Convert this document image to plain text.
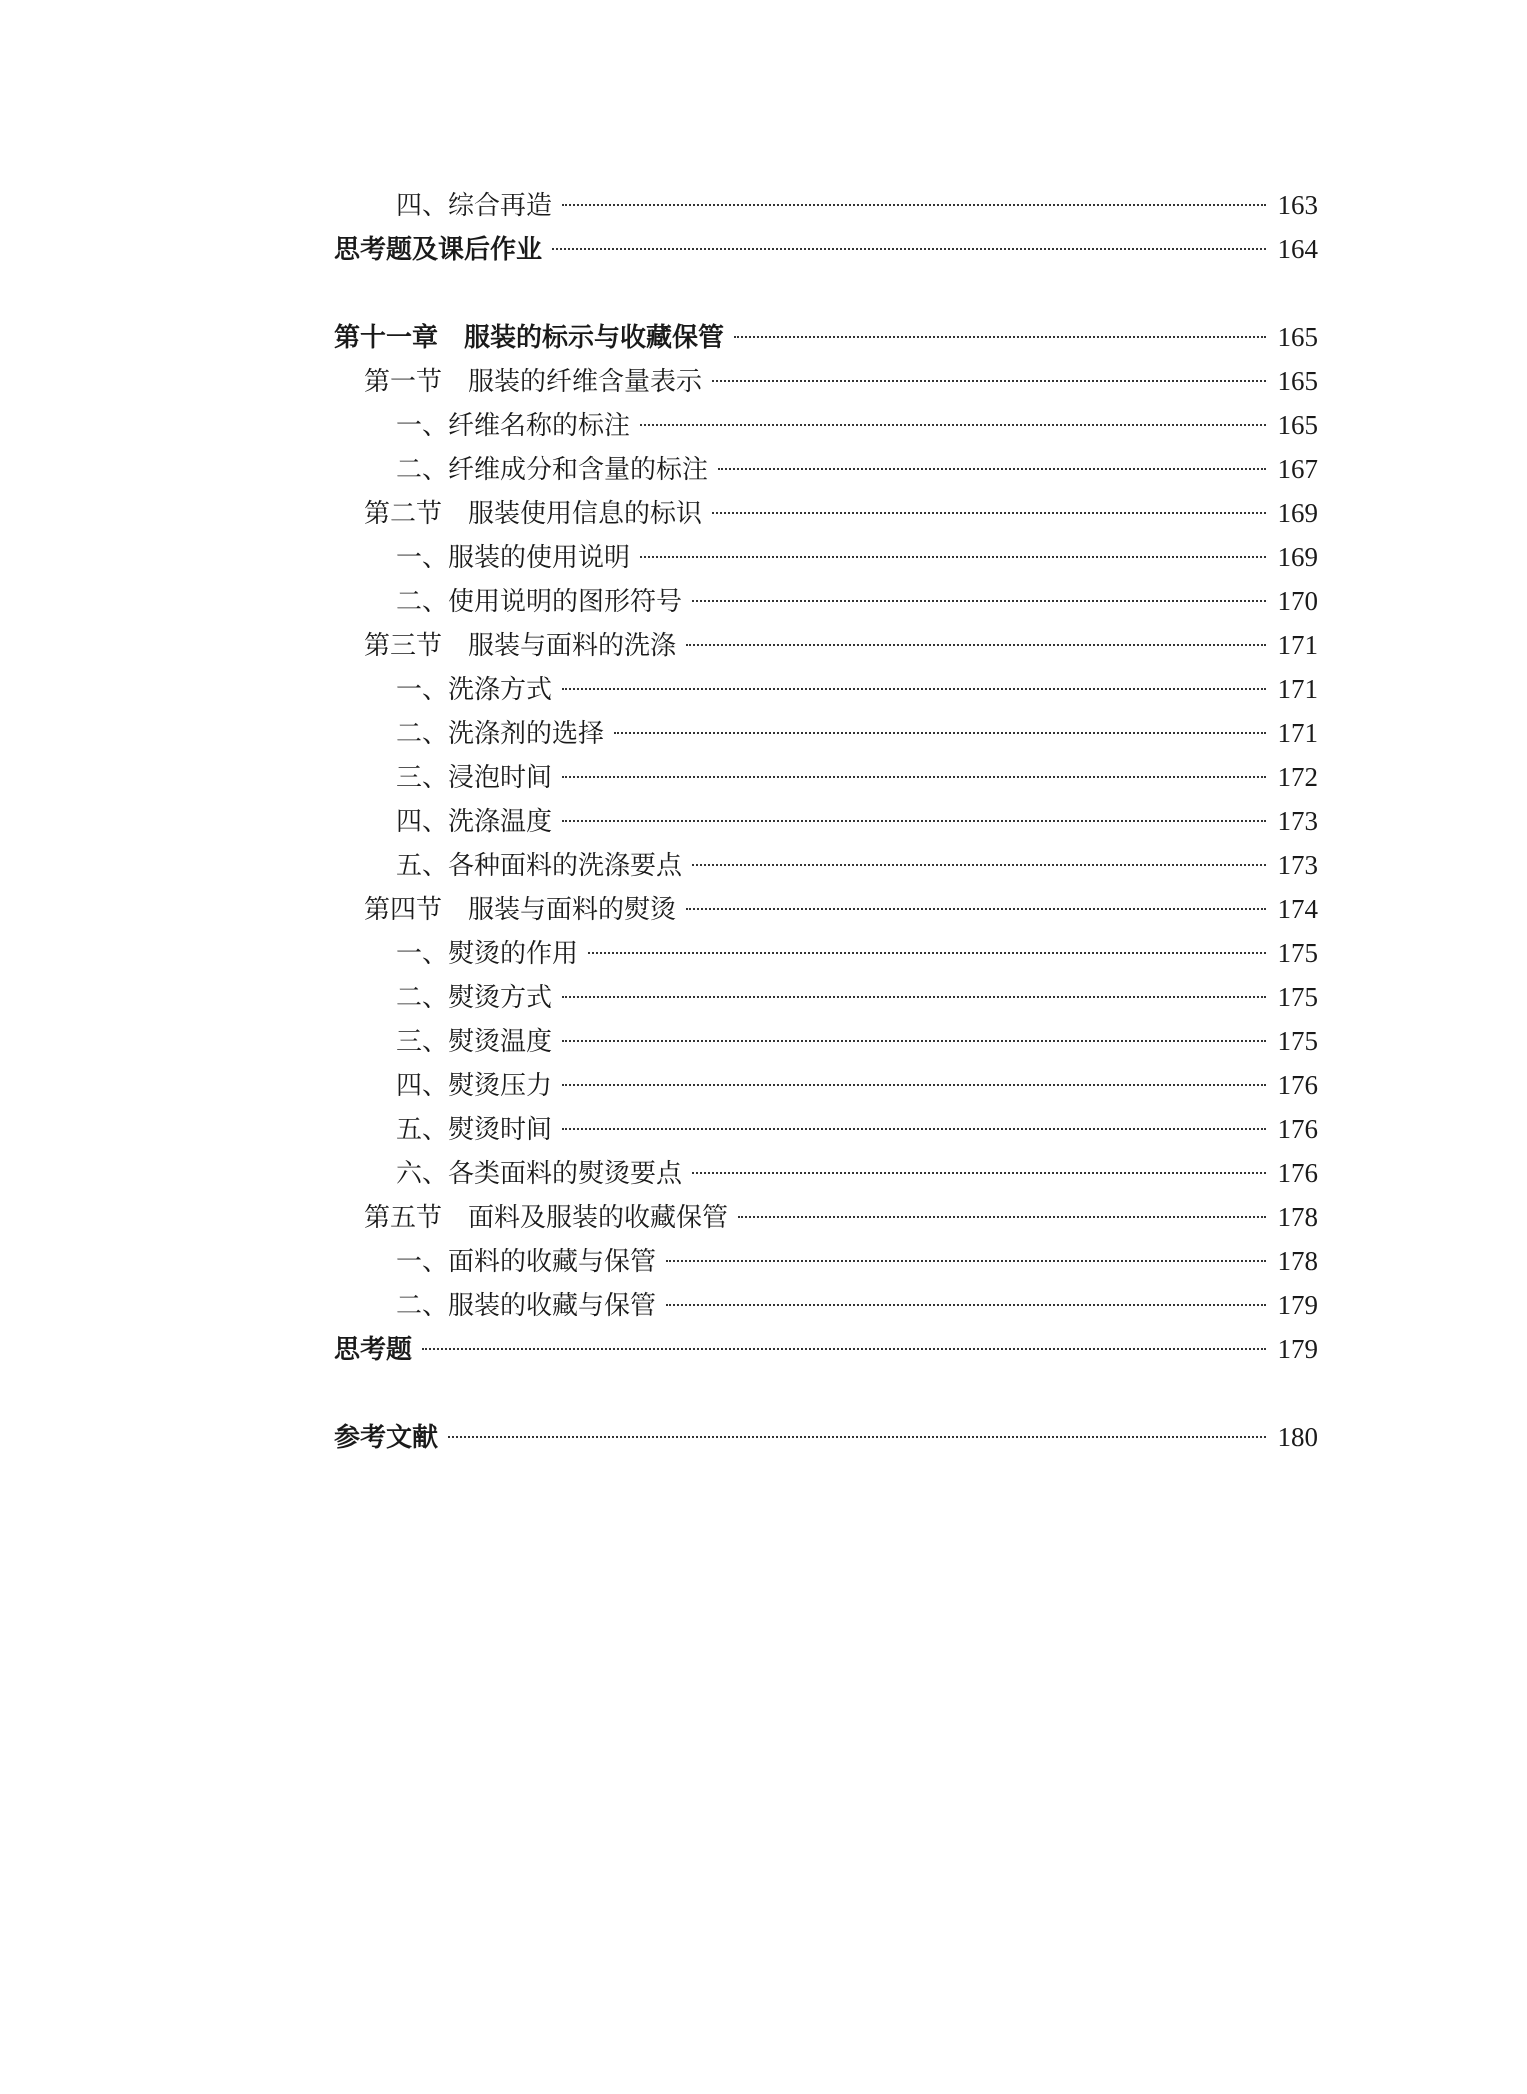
四、综合再造	163
思考题及课后作业	164
第十一章　服装的标示与收藏保管	165
第一节　服装的纤维含量表示	165
一、纤维名称的标注	165
二、纤维成分和含量的标注	167
第二节　服装使用信息的标识	169
一、服装的使用说明	169
二、使用说明的图形符号	170
第三节　服装与面料的洗涤	171
一、洗涤方式	171
二、洗涤剂的选择	171
三、浸泡时间	172
四、洗涤温度	173
五、各种面料的洗涤要点	173
第四节　服装与面料的熨烫	174
一、熨烫的作用	175
二、熨烫方式	175
三、熨烫温度	175
四、熨烫压力	176
五、熨烫时间	176
六、各类面料的熨烫要点	176
第五节　面料及服装的收藏保管	178
一、面料的收藏与保管	178
二、服装的收藏与保管	179
思考题	179
参考文献	180
